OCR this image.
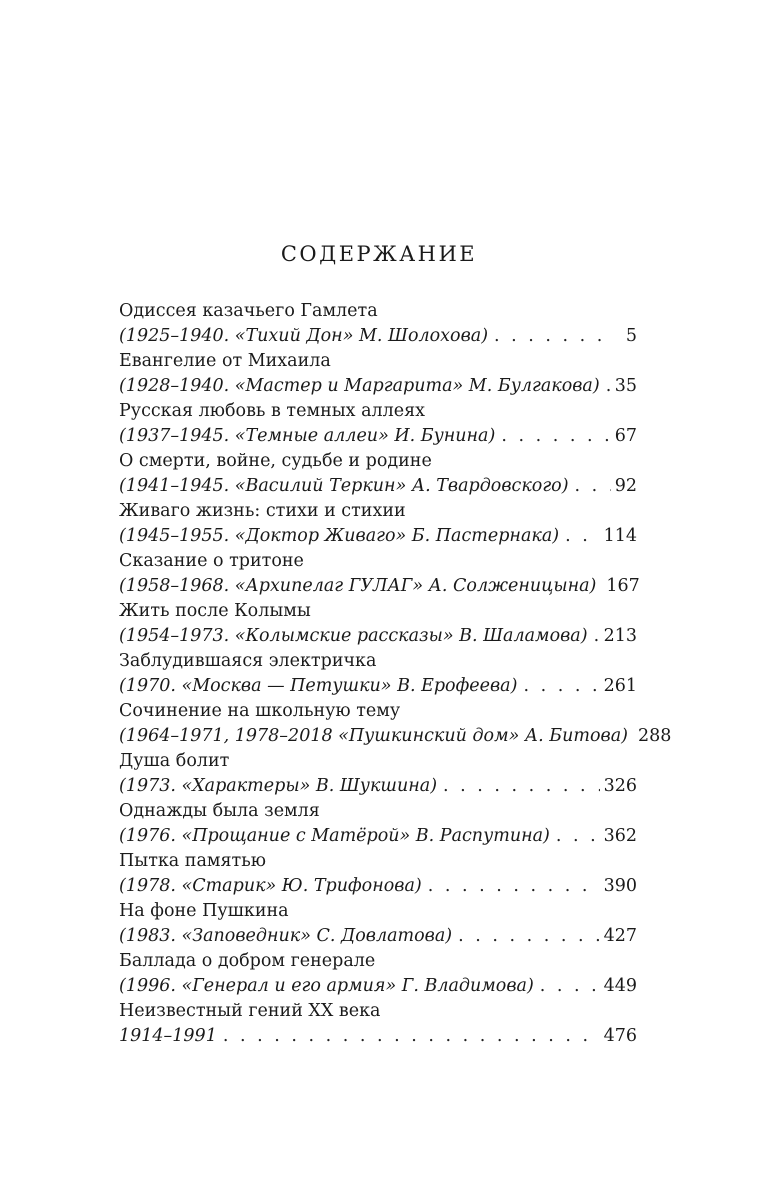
СОДЕРЖАНИЕ
Одиссея казачьего Гамлета
(1925–1940. «Тихий Дон» М. Шолохова) . . .	5
Евангелие от Михаила
(1928–1940. «Мастер и Маргарита» М. Булгакова) . . . 35
Русская любовь в темных аллеях
(1937–1945. «Темные аллеи» И. Бунина) . . .	67
О смерти, войне, судьбе и родине
(1941–1945. «Василий Теркин» А. Твардовского) . . .	92
Живаго жизнь: стихи и стихии
(1945–1955. «Доктор Живаго» Б. Пастернака) . . .	114
Сказание о тритоне
(1958–1968. «Архипелаг ГУЛАГ» А. Солженицына) 167
Жить после Колымы
(1954–1973. «Колымские рассказы» В. Шаламова) . . . 213
Заблудившаяся электричка
(1970. «Москва — Петушки» В. Ерофеева) . . .	261
Сочинение на школьную тему
(1964–1971, 1978–2018 «Пушкинский дом» А. Битова) 288
Душа болит
(1973. «Характеры» В. Шукшина) . . .	326
Однажды была земля
(1976. «Прощание с Матёрой» В. Распутина) . . .	362
Пытка памятью
(1978. «Старик» Ю. Трифонова) . . .	390
На фоне Пушкина
(1983. «Заповедник» С. Довлатова) . . .	427
Баллада о добром генерале
(1996. «Генерал и его армия» Г. Владимова) . . .	449
Неизвестный гений XX века
1914–1991 . . .	476
